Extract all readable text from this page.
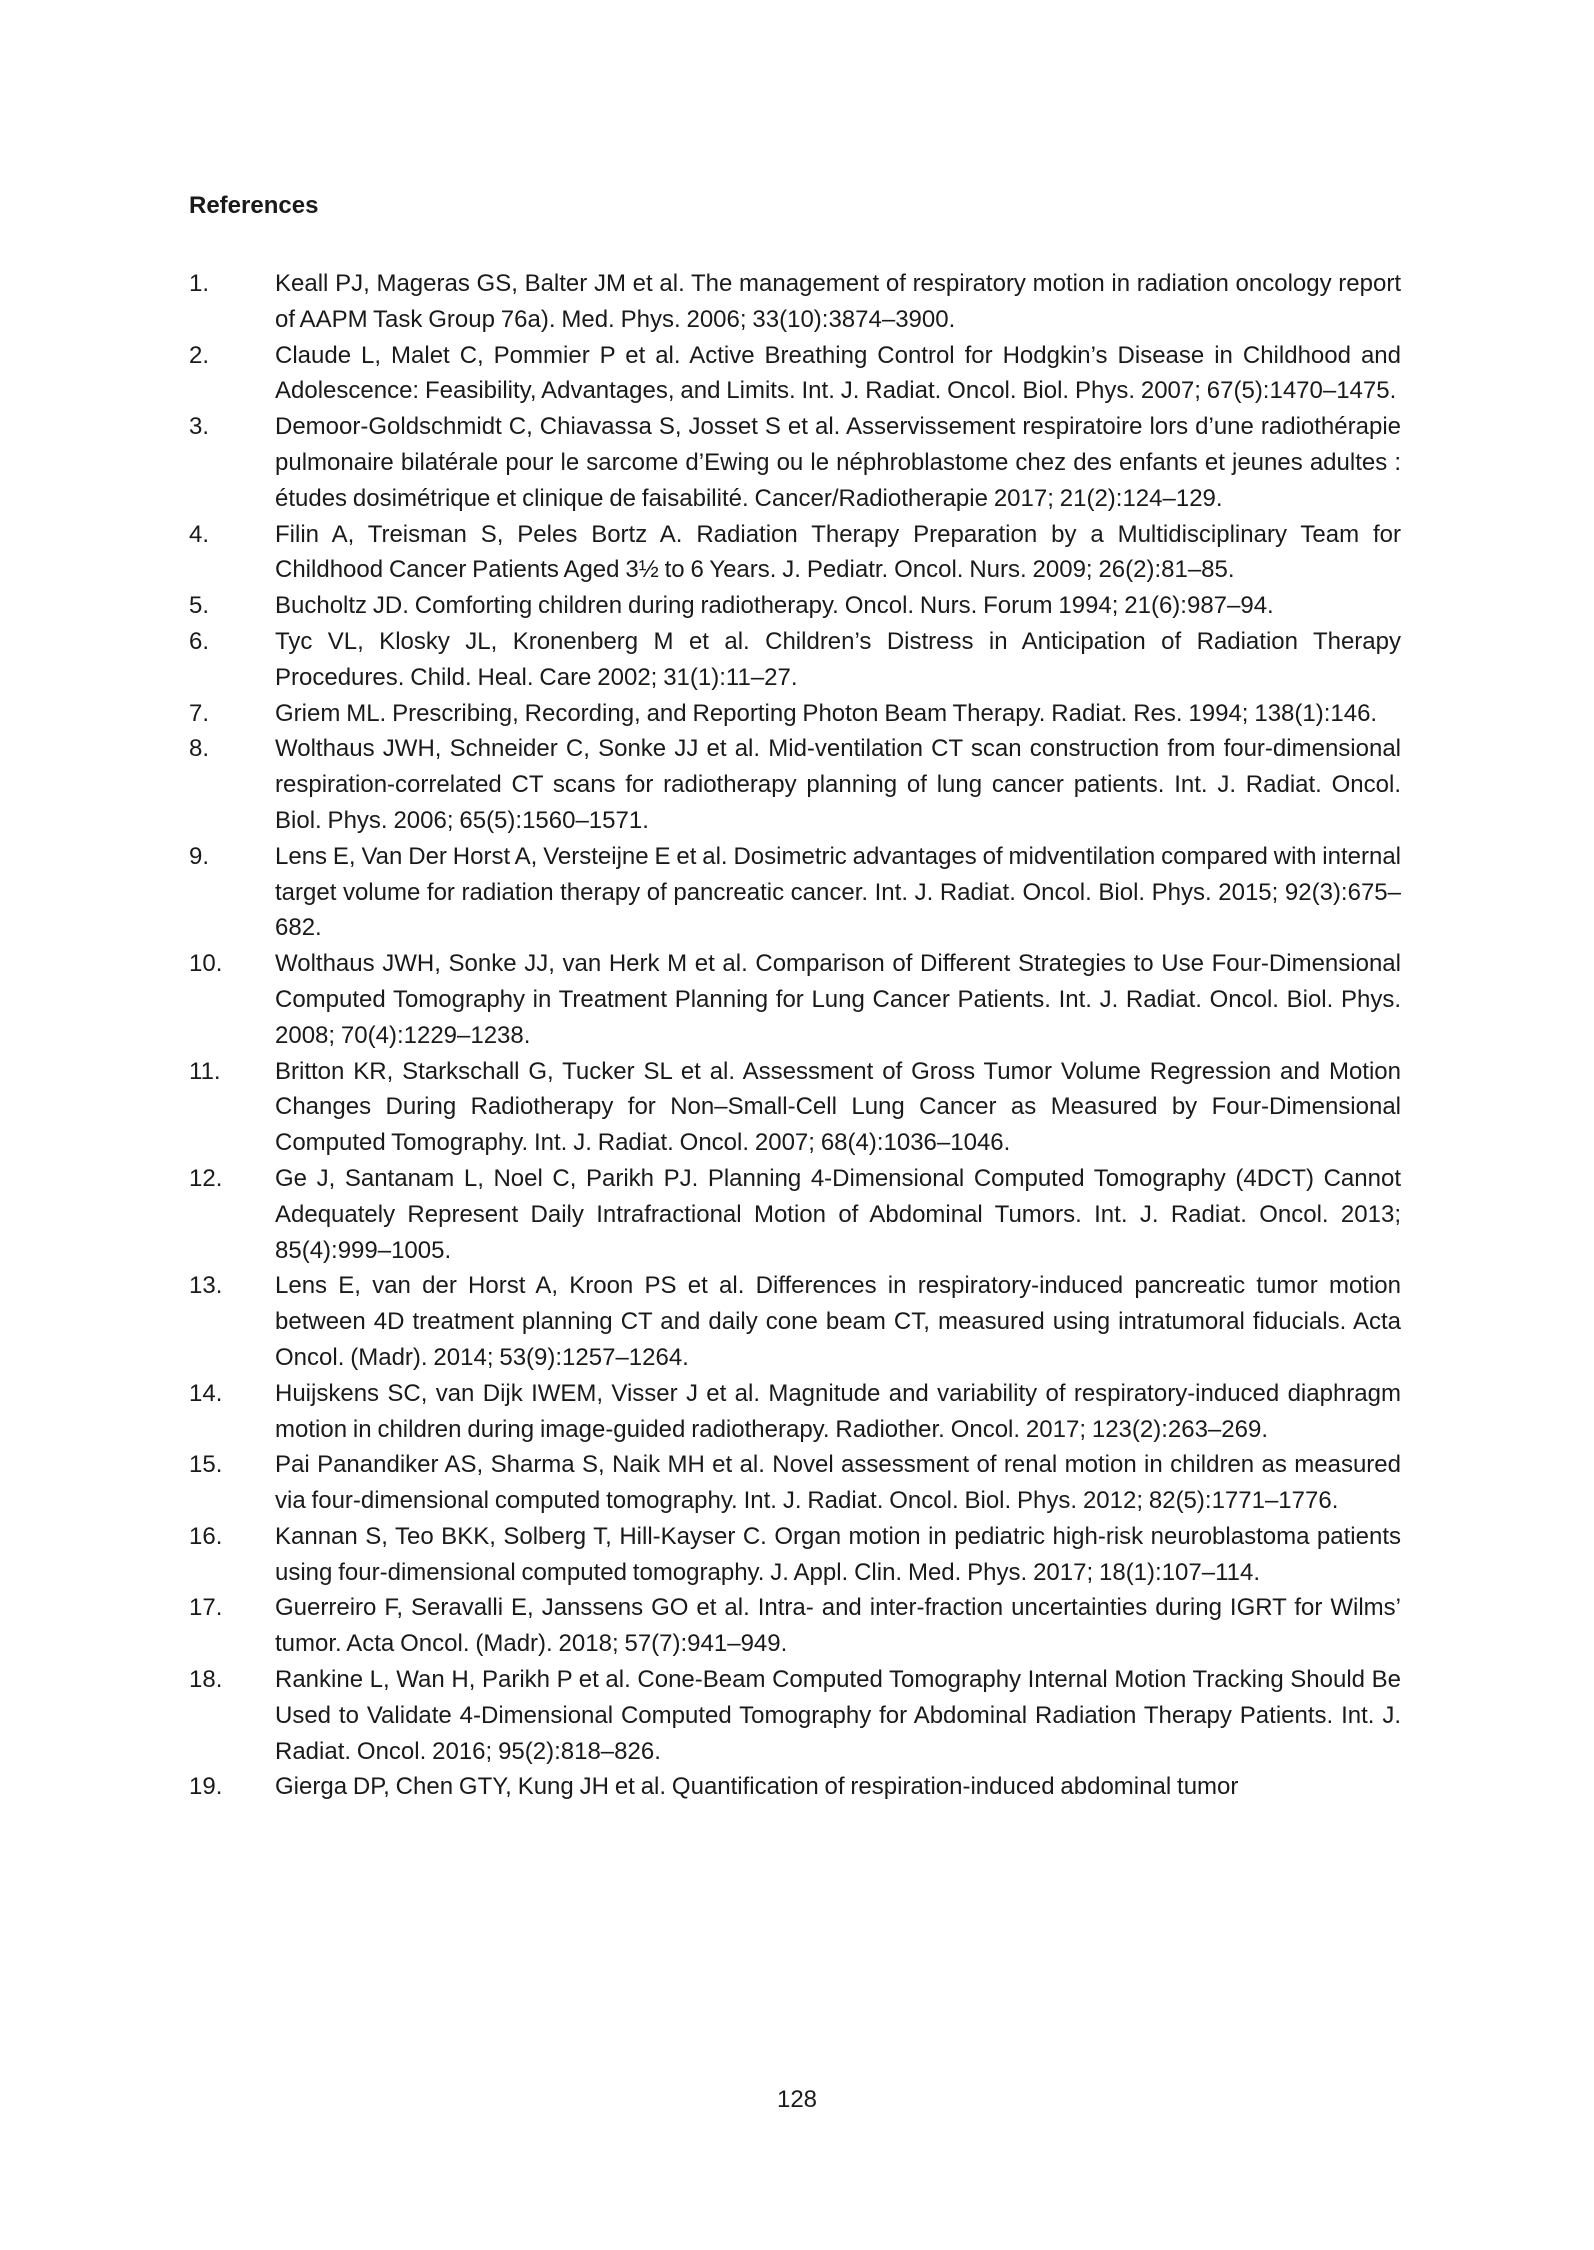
References
1.	Keall PJ, Mageras GS, Balter JM et al. The management of respiratory motion in radiation oncology report of AAPM Task Group 76a). Med. Phys. 2006; 33(10):3874–3900.
2.	Claude L, Malet C, Pommier P et al. Active Breathing Control for Hodgkin’s Disease in Childhood and Adolescence: Feasibility, Advantages, and Limits. Int. J. Radiat. Oncol. Biol. Phys. 2007; 67(5):1470–1475.
3.	Demoor-Goldschmidt C, Chiavassa S, Josset S et al. Asservissement respiratoire lors d’une radiothérapie pulmonaire bilatérale pour le sarcome d’Ewing ou le néphroblastome chez des enfants et jeunes adultes : études dosimétrique et clinique de faisabilité. Cancer/Radiotherapie 2017; 21(2):124–129.
4.	Filin A, Treisman S, Peles Bortz A. Radiation Therapy Preparation by a Multidisciplinary Team for Childhood Cancer Patients Aged 3½ to 6 Years. J. Pediatr. Oncol. Nurs. 2009; 26(2):81–85.
5.	Bucholtz JD. Comforting children during radiotherapy. Oncol. Nurs. Forum 1994; 21(6):987–94.
6.	Tyc VL, Klosky JL, Kronenberg M et al. Children’s Distress in Anticipation of Radiation Therapy Procedures. Child. Heal. Care 2002; 31(1):11–27.
7.	Griem ML. Prescribing, Recording, and Reporting Photon Beam Therapy. Radiat. Res. 1994; 138(1):146.
8.	Wolthaus JWH, Schneider C, Sonke JJ et al. Mid-ventilation CT scan construction from four-dimensional respiration-correlated CT scans for radiotherapy planning of lung cancer patients. Int. J. Radiat. Oncol. Biol. Phys. 2006; 65(5):1560–1571.
9.	Lens E, Van Der Horst A, Versteijne E et al. Dosimetric advantages of midventilation compared with internal target volume for radiation therapy of pancreatic cancer. Int. J. Radiat. Oncol. Biol. Phys. 2015; 92(3):675–682.
10.	Wolthaus JWH, Sonke JJ, van Herk M et al. Comparison of Different Strategies to Use Four-Dimensional Computed Tomography in Treatment Planning for Lung Cancer Patients. Int. J. Radiat. Oncol. Biol. Phys. 2008; 70(4):1229–1238.
11.	Britton KR, Starkschall G, Tucker SL et al. Assessment of Gross Tumor Volume Regression and Motion Changes During Radiotherapy for Non–Small-Cell Lung Cancer as Measured by Four-Dimensional Computed Tomography. Int. J. Radiat. Oncol. 2007; 68(4):1036–1046.
12.	Ge J, Santanam L, Noel C, Parikh PJ. Planning 4-Dimensional Computed Tomography (4DCT) Cannot Adequately Represent Daily Intrafractional Motion of Abdominal Tumors. Int. J. Radiat. Oncol. 2013; 85(4):999–1005.
13.	Lens E, van der Horst A, Kroon PS et al. Differences in respiratory-induced pancreatic tumor motion between 4D treatment planning CT and daily cone beam CT, measured using intratumoral fiducials. Acta Oncol. (Madr). 2014; 53(9):1257–1264.
14.	Huijskens SC, van Dijk IWEM, Visser J et al. Magnitude and variability of respiratory-induced diaphragm motion in children during image-guided radiotherapy. Radiother. Oncol. 2017; 123(2):263–269.
15.	Pai Panandiker AS, Sharma S, Naik MH et al. Novel assessment of renal motion in children as measured via four-dimensional computed tomography. Int. J. Radiat. Oncol. Biol. Phys. 2012; 82(5):1771–1776.
16.	Kannan S, Teo BKK, Solberg T, Hill-Kayser C. Organ motion in pediatric high-risk neuroblastoma patients using four-dimensional computed tomography. J. Appl. Clin. Med. Phys. 2017; 18(1):107–114.
17.	Guerreiro F, Seravalli E, Janssens GO et al. Intra- and inter-fraction uncertainties during IGRT for Wilms’ tumor. Acta Oncol. (Madr). 2018; 57(7):941–949.
18.	Rankine L, Wan H, Parikh P et al. Cone-Beam Computed Tomography Internal Motion Tracking Should Be Used to Validate 4-Dimensional Computed Tomography for Abdominal Radiation Therapy Patients. Int. J. Radiat. Oncol. 2016; 95(2):818–826.
19.	Gierga DP, Chen GTY, Kung JH et al. Quantification of respiration-induced abdominal tumor
128
